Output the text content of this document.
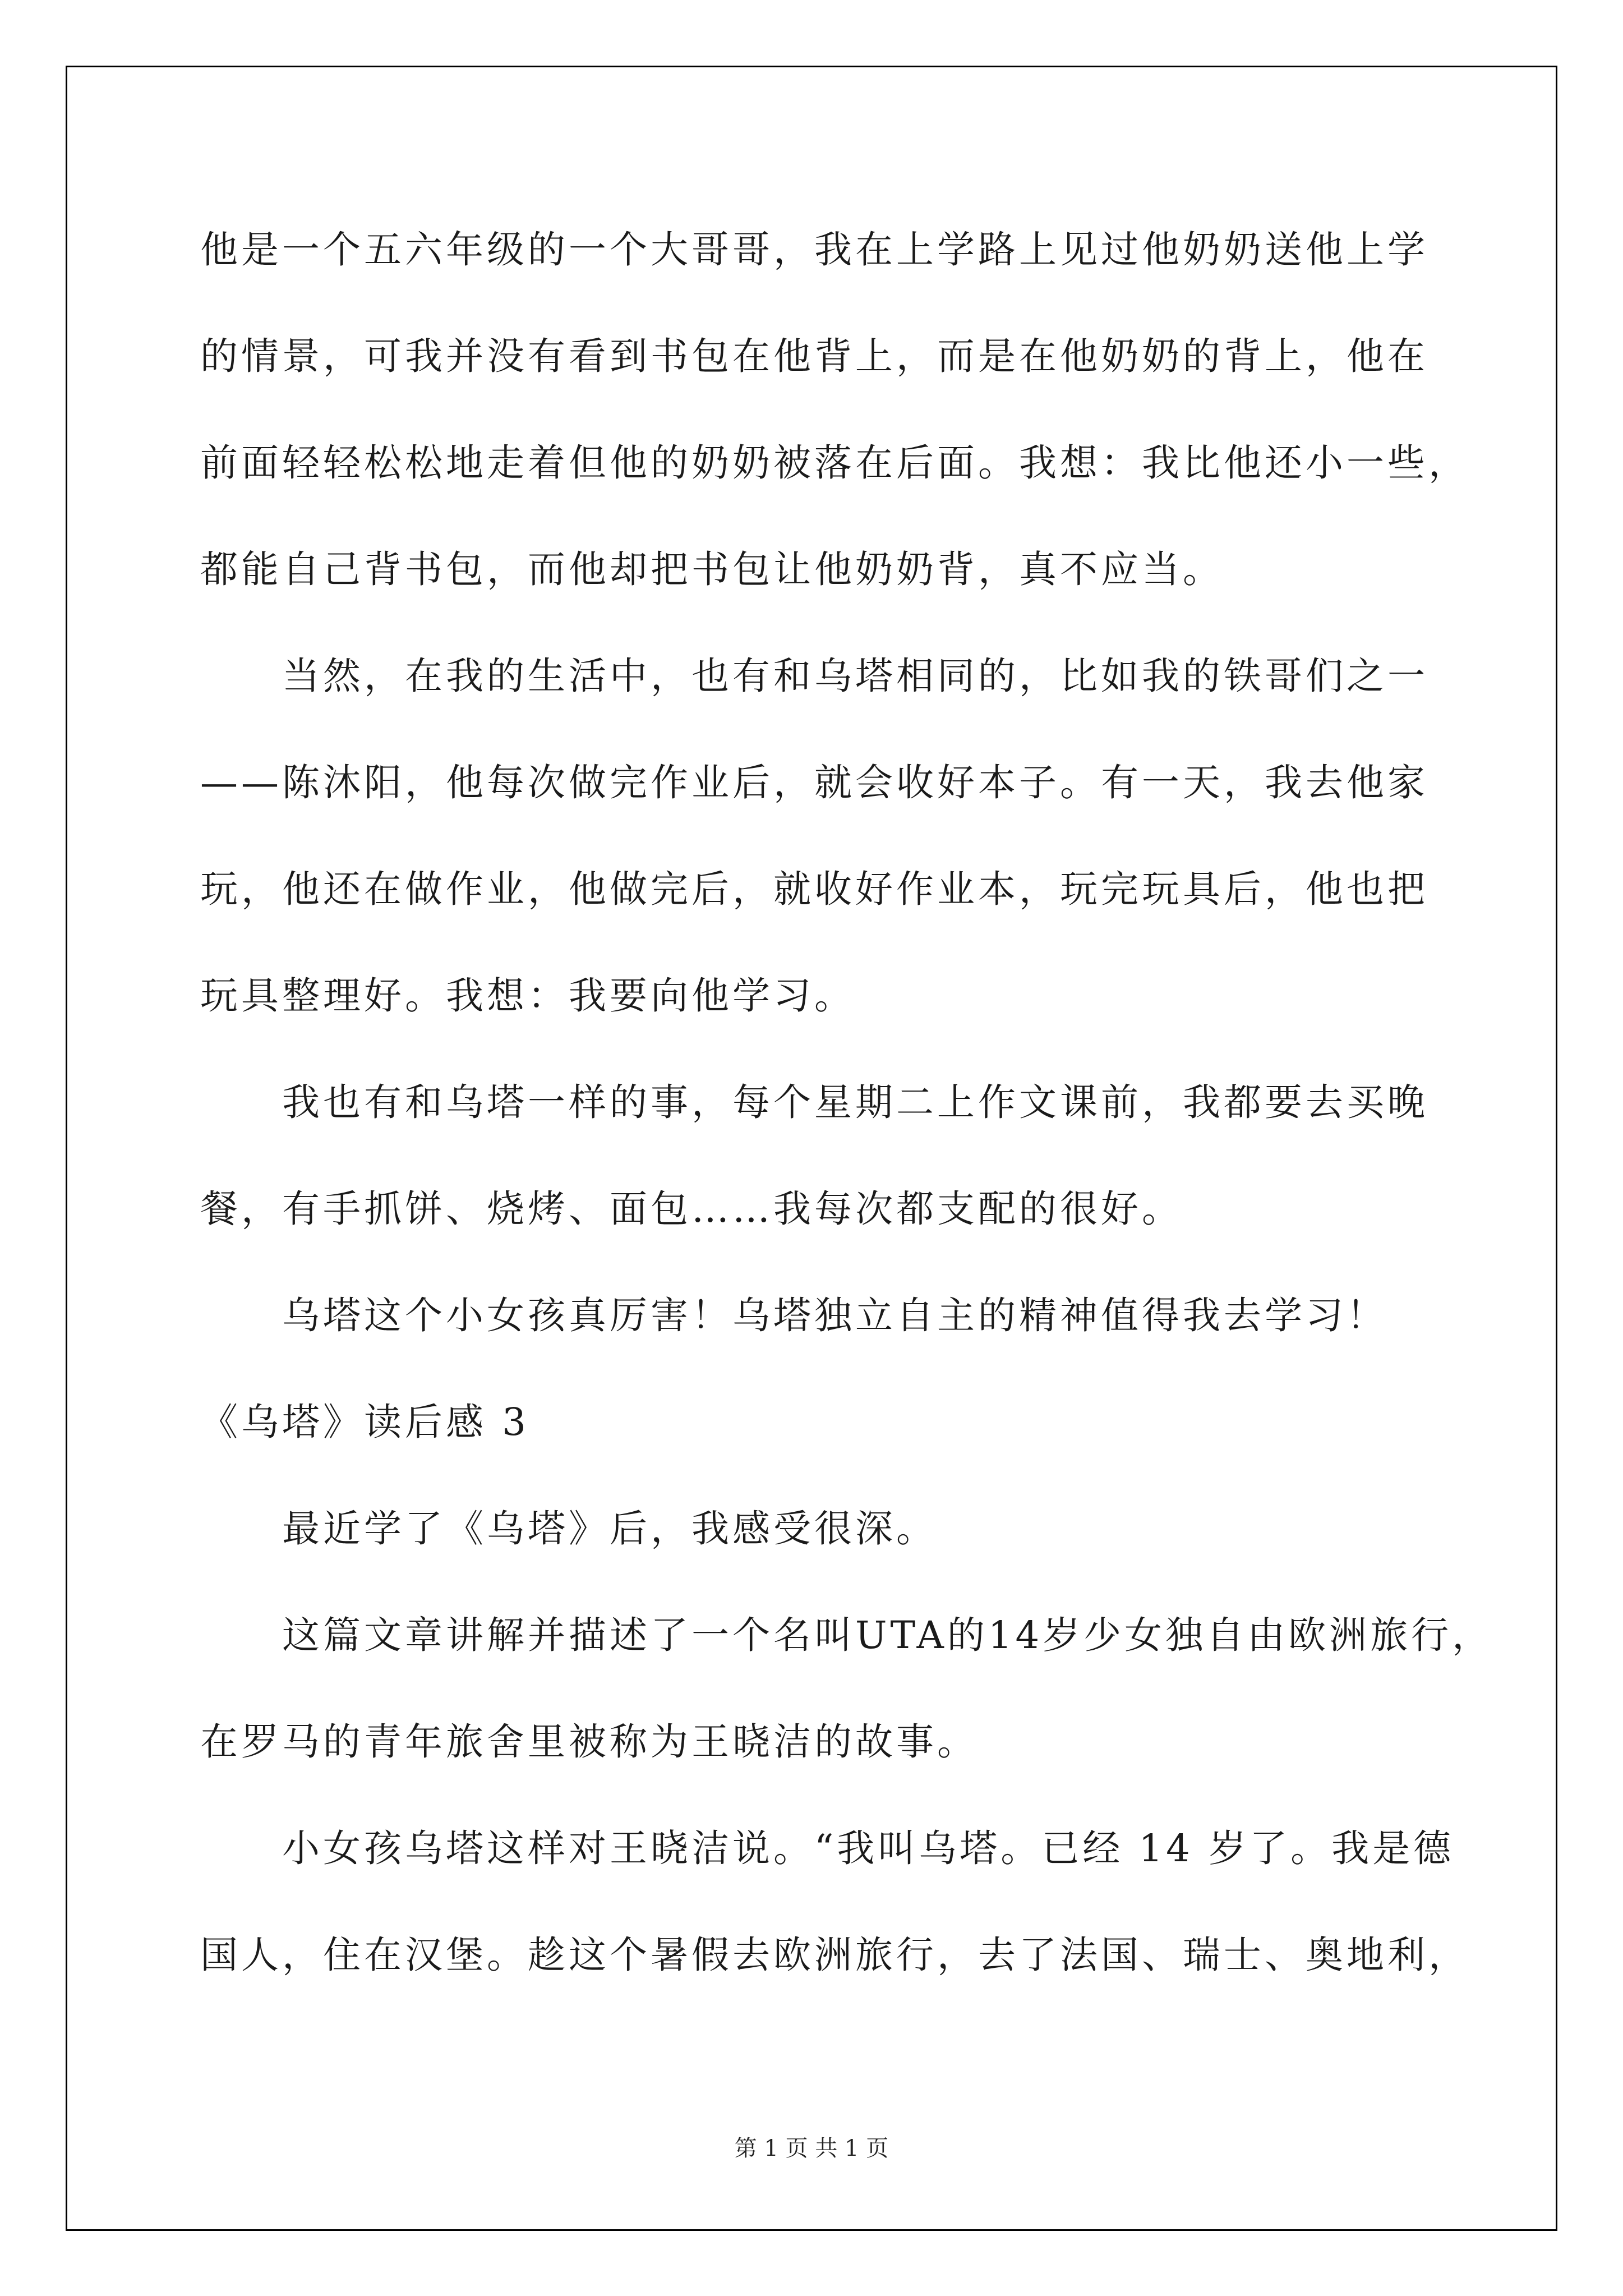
他是一个五六年级的一个大哥哥，我在上学路上见过他奶奶送他上学
的情景，可我并没有看到书包在他背上，而是在他奶奶的背上，他在
前面轻轻松松地走着但他的奶奶被落在后面。我想：我比他还小一些，
都能自己背书包，而他却把书包让他奶奶背，真不应当。
当然，在我的生活中，也有和乌塔相同的，比如我的铁哥们之一
——陈沐阳，他每次做完作业后，就会收好本子。有一天，我去他家
玩，他还在做作业，他做完后，就收好作业本，玩完玩具后，他也把
玩具整理好。我想：我要向他学习。
我也有和乌塔一样的事，每个星期二上作文课前，我都要去买晚
餐，有手抓饼、烧烤、面包……我每次都支配的很好。
乌塔这个小女孩真厉害！乌塔独立自主的精神值得我去学习！
《乌塔》读后感 3
最近学了《乌塔》后，我感受很深。
这篇文章讲解并描述了一个名叫UTA的14岁少女独自由欧洲旅行，
在罗马的青年旅舍里被称为王晓洁的故事。
小女孩乌塔这样对王晓洁说。“我叫乌塔。已经 14 岁了。我是德
国人，住在汉堡。趁这个暑假去欧洲旅行，去了法国、瑞士、奥地利，
第 1 页 共 1 页
